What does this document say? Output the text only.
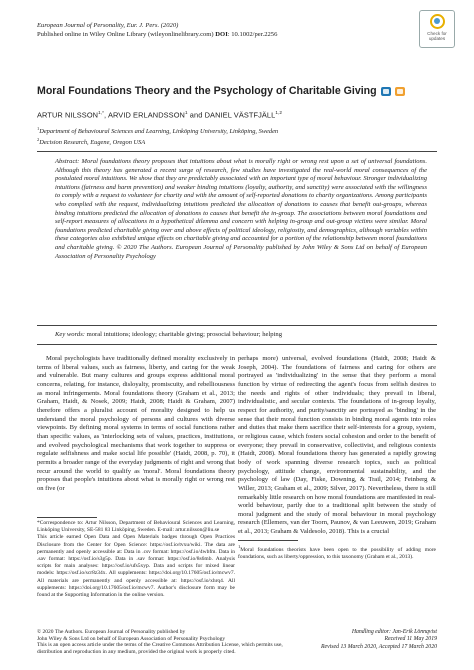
European Journal of Personality, Eur. J. Pers. (2020)
Published online in Wiley Online Library (wileyonlinelibrary.com) DOI: 10.1002/per.2256	Check for
updates
Moral Foundations Theory and the Psychology of Charitable Giving
ARTUR $NILSSON^{1,*}$, ARVID ERLANDSSON$^1$ and DANIEL VÄSTFJÄLL$^{1,2}$
$^1$Department of Behavioural Sciences and Learning, Linköping University, Linköping, Sweden
$^2$Decision Research, Eugene, Oregon USA
Abstract: Moral foundations theory proposes that intuitions about what is morally right or wrong rest upon a set of universal foundations. Although this theory has generated a recent surge of research, few studies have investigated the real-world moral consequences of the postulated moral intuitions. We show that they are predictably associated with an important type of moral behaviour. Stronger individualizing intuitions (fairness and harm prevention) and weaker binding intuitions (loyalty, authority, and sanctity) were associated with the willingness to comply with a request to volunteer for charity and with the amount of self-reported donations to charity organizations. Among participants who complied with the request, individualizing intuitions predicted the allocation of donations to causes that benefit out-groups, whereas binding intuitions predicted the allocation of donations to causes that benefit the in-group. The associations between moral foundations and self-report measures of allocations in a hypothetical dilemma and concern with helping in-group and out-group victims were similar. Moral foundations predicted charitable giving over and above effects of political ideology, religiosity, and demographics, although variables within these categories also exhibited unique effects on charitable giving and accounted for a portion of the relationship between moral foundations and charitable giving. © 2020 The Authors. European Journal of Personality published by John Wiley & Sons Ltd on behalf of European Association of Personality Psychology
Key words: moral intuitions; ideology; charitable giving; prosocial behaviour; helping

Moral psychologists have traditionally defined morality exclusively in terms of liberal values, such as fairness, liberty, and caring for the weak and vulnerable. But many cultures and groups express additional moral concerns, relating, for instance, disloyalty, promiscuity, and rebelliousness as moral infringements. Moral foundations theory (Graham et al., 2013; Graham, Haidt, & Nosek, 2009; Haidt, 2008; Haidt & Graham, 2007) therefore offers a pluralist account of morality designed to help us understand the moral psychology of persons and cultures with diverse viewpoints. By defining moral systems in terms of social functions rather than specific values, as 'interlocking sets of values, practices, institutions, and evolved psychological mechanisms that work together to suppress or regulate selfishness and make social life possible' (Haidt, 2008, p. 70), it permits a broader range of the everyday judgments of right and wrong that recur around the world to qualify as 'moral'. Moral foundations theory proposes that people's intuitions about what is morally right or wrong rest on five (or

*Correspondence to: Artur Nilsson, Department of Behavioural Sciences and Learning, Linköping University, SE-581 83 Linköping, Sweden. E-mail: artur.nilsson@liu.se

This article earned Open Data and Open Materials badges through Open Practices Disclosure from the Center for Open Science: https://osf.io/tvxu/wiki. The data are permanently and openly accessible at: Data in .csv format: https://osf.io/4wbfm. Data in .sav format: https://osf.io/s3g5p. Data in .sav format: https://osf.io/8s6mb. Analysis scripts for main analyses: https://osf.io/ufs5xyp. Data and scripts for mixed linear models: https://osf.io/scr8z34x. All supplements: https://doi.org/10.17605/osf.io/mcwv7. All materials are permanently and openly accessible at: https://osf.io/xhrq4. All supplements: https://doi.org/10.17605/osf.io/mcwv7. Author's disclosure form may be found at the Supporting Information in the online version.

perhaps more) universal, evolved foundations (Haidt, 2008; Haidt & Joseph, 2004). The foundations of fairness and caring for others are portrayed as 'individualizing' in the sense that they perform a moral function by virtue of redirecting the agent's focus from selfish desires to the needs and rights of other individuals; they prevail in liberal, individualistic, and secular contexts. The foundations of in-group loyalty, respect for authority, and purity/sanctity are portrayed as 'binding' in the sense that their moral function consists in binding moral agents into roles and duties that make them sacrifice their self-interests for a group, system, or religious cause, which fosters social cohesion and order to the benefit of everyone; they prevail in conservative, collectivist, and religious contexts (Haidt, 2008). Moral foundations theory has generated a rapidly growing body of work spanning diverse research topics, such as political psychology, attitude change, environmental sustainability, and the psychology of law (Day, Fiske, Downing, & Trail, 2014; Feinberg & Willer, 2013; Graham et al., 2009; Silver, 2017). Nevertheless, there is still remarkably little research on how moral foundations are manifested in real-world behaviour, partly due to a traditional split between the study of moral judgment and the study of moral behaviour in moral psychology research (Ellemers, van der Toorn, Paunov, & van Leeuwen, 2019; Graham et al., 2013; Graham & Valdesolo, 2018). This is a crucial

$^1$Moral foundations theorists have been open to the possibility of adding more foundations, such as liberty/oppression, to this taxonomy (Graham et al., 2013).

© 2020 The Authors. European Journal of Personality published by
John Wiley & Sons Ltd on behalf of European Association of Personality Psychology
This is an open access article under the terms of the Creative Commons Attribution License, which permits use, distribution and reproduction in any medium, provided the original work is properly cited.
Handling editor: Jan-Erik Lönnqvist
Received 11 May 2019
Revised 13 March 2020, Accepted 17 March 2020
